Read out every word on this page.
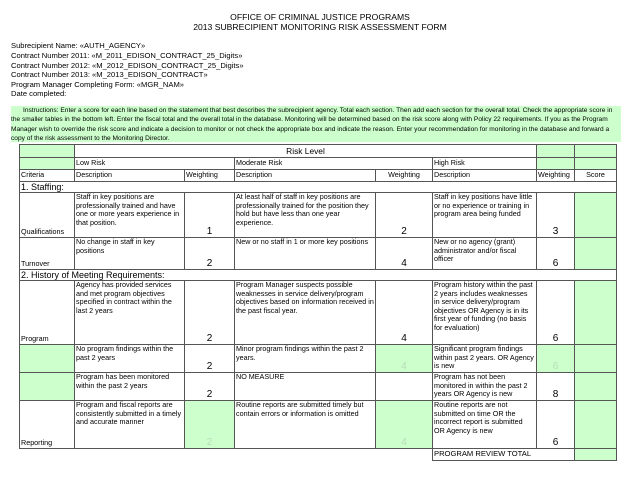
OFFICE OF CRIMINAL JUSTICE PROGRAMS
2013 SUBRECIPIENT MONITORING RISK ASSESSMENT FORM
Subrecipient Name: «AUTH_AGENCY»
Contract Number 2011: «M_2011_EDISON_CONTRACT_25_Digits»
Contract Number 2012: «M_2012_EDISON_CONTRACT_25_Digits»
Contract Number 2013: «M_2013_EDISON_CONTRACT»
Program Manager Completing Form: «MGR_NAM»
Date completed:
Instructions: Enter a score for each line based on the statement that best describes the subrecipient agency. Total each section. Then add each section for the overall total. Check the appropriate score in the smaller tables in the bottom left. Enter the fiscal total and the overall total in the database. Monitoring will be determined based on the risk score along with Policy 22 requirements. If you as the Program Manager wish to override the risk score and indicate a decision to monitor or not check the appropriate box and indicate the reason. Enter your recommendation for monitoring in the database and forward a copy of the risk assessment to the Monitoring Director.
	Risk Level						
	Low Risk		Moderate Risk		High Risk		
Criteria	Description	Weighting	Description	Weighting	Description	Weighting	Score
1. Staffing:							
Qualifications	Staff in key positions are professionally trained and have one or more years experience in that position.	1	At least half of staff in key positions are professionally trained for the position they hold but have less than one year experience.	2	Staff in key positions have little or no experience or training in program area being funded	3	
Turnover	No change in staff in key positions	2	New or no staff in 1 or more key positions	4	New or no agency (grant) administrator and/or fiscal officer	6	
2. History of Meeting Requirements:							
Program	Agency has provided services and met program objectives specified in contract within the last 2 years	2	Program Manager suspects possible weaknesses in service delivery/program objectives based on information received in the past fiscal year.	4	Program history within the past 2 years includes weaknesses in service delivery/program objectives OR Agency is in its first year of funding (no basis for evaluation)	6	
	No program findings within the past 2 years	2	Minor program findings within the past 2 years.	4	Significant program findings within past 2 years. OR Agency is new	6	
	Program has been monitored within the past 2 years	2	NO MEASURE		Program has not been monitored in within the past 2 years OR Agency is new	8	
Reporting	Program and fiscal reports are consistently submitted in a timely and accurate manner	2	Routine reports are submitted timely but contain errors or information is omitted	4	Routine reports are not submitted on time OR the incorrect report is submitted OR Agency is new	6	
					PROGRAM REVIEW TOTAL		
